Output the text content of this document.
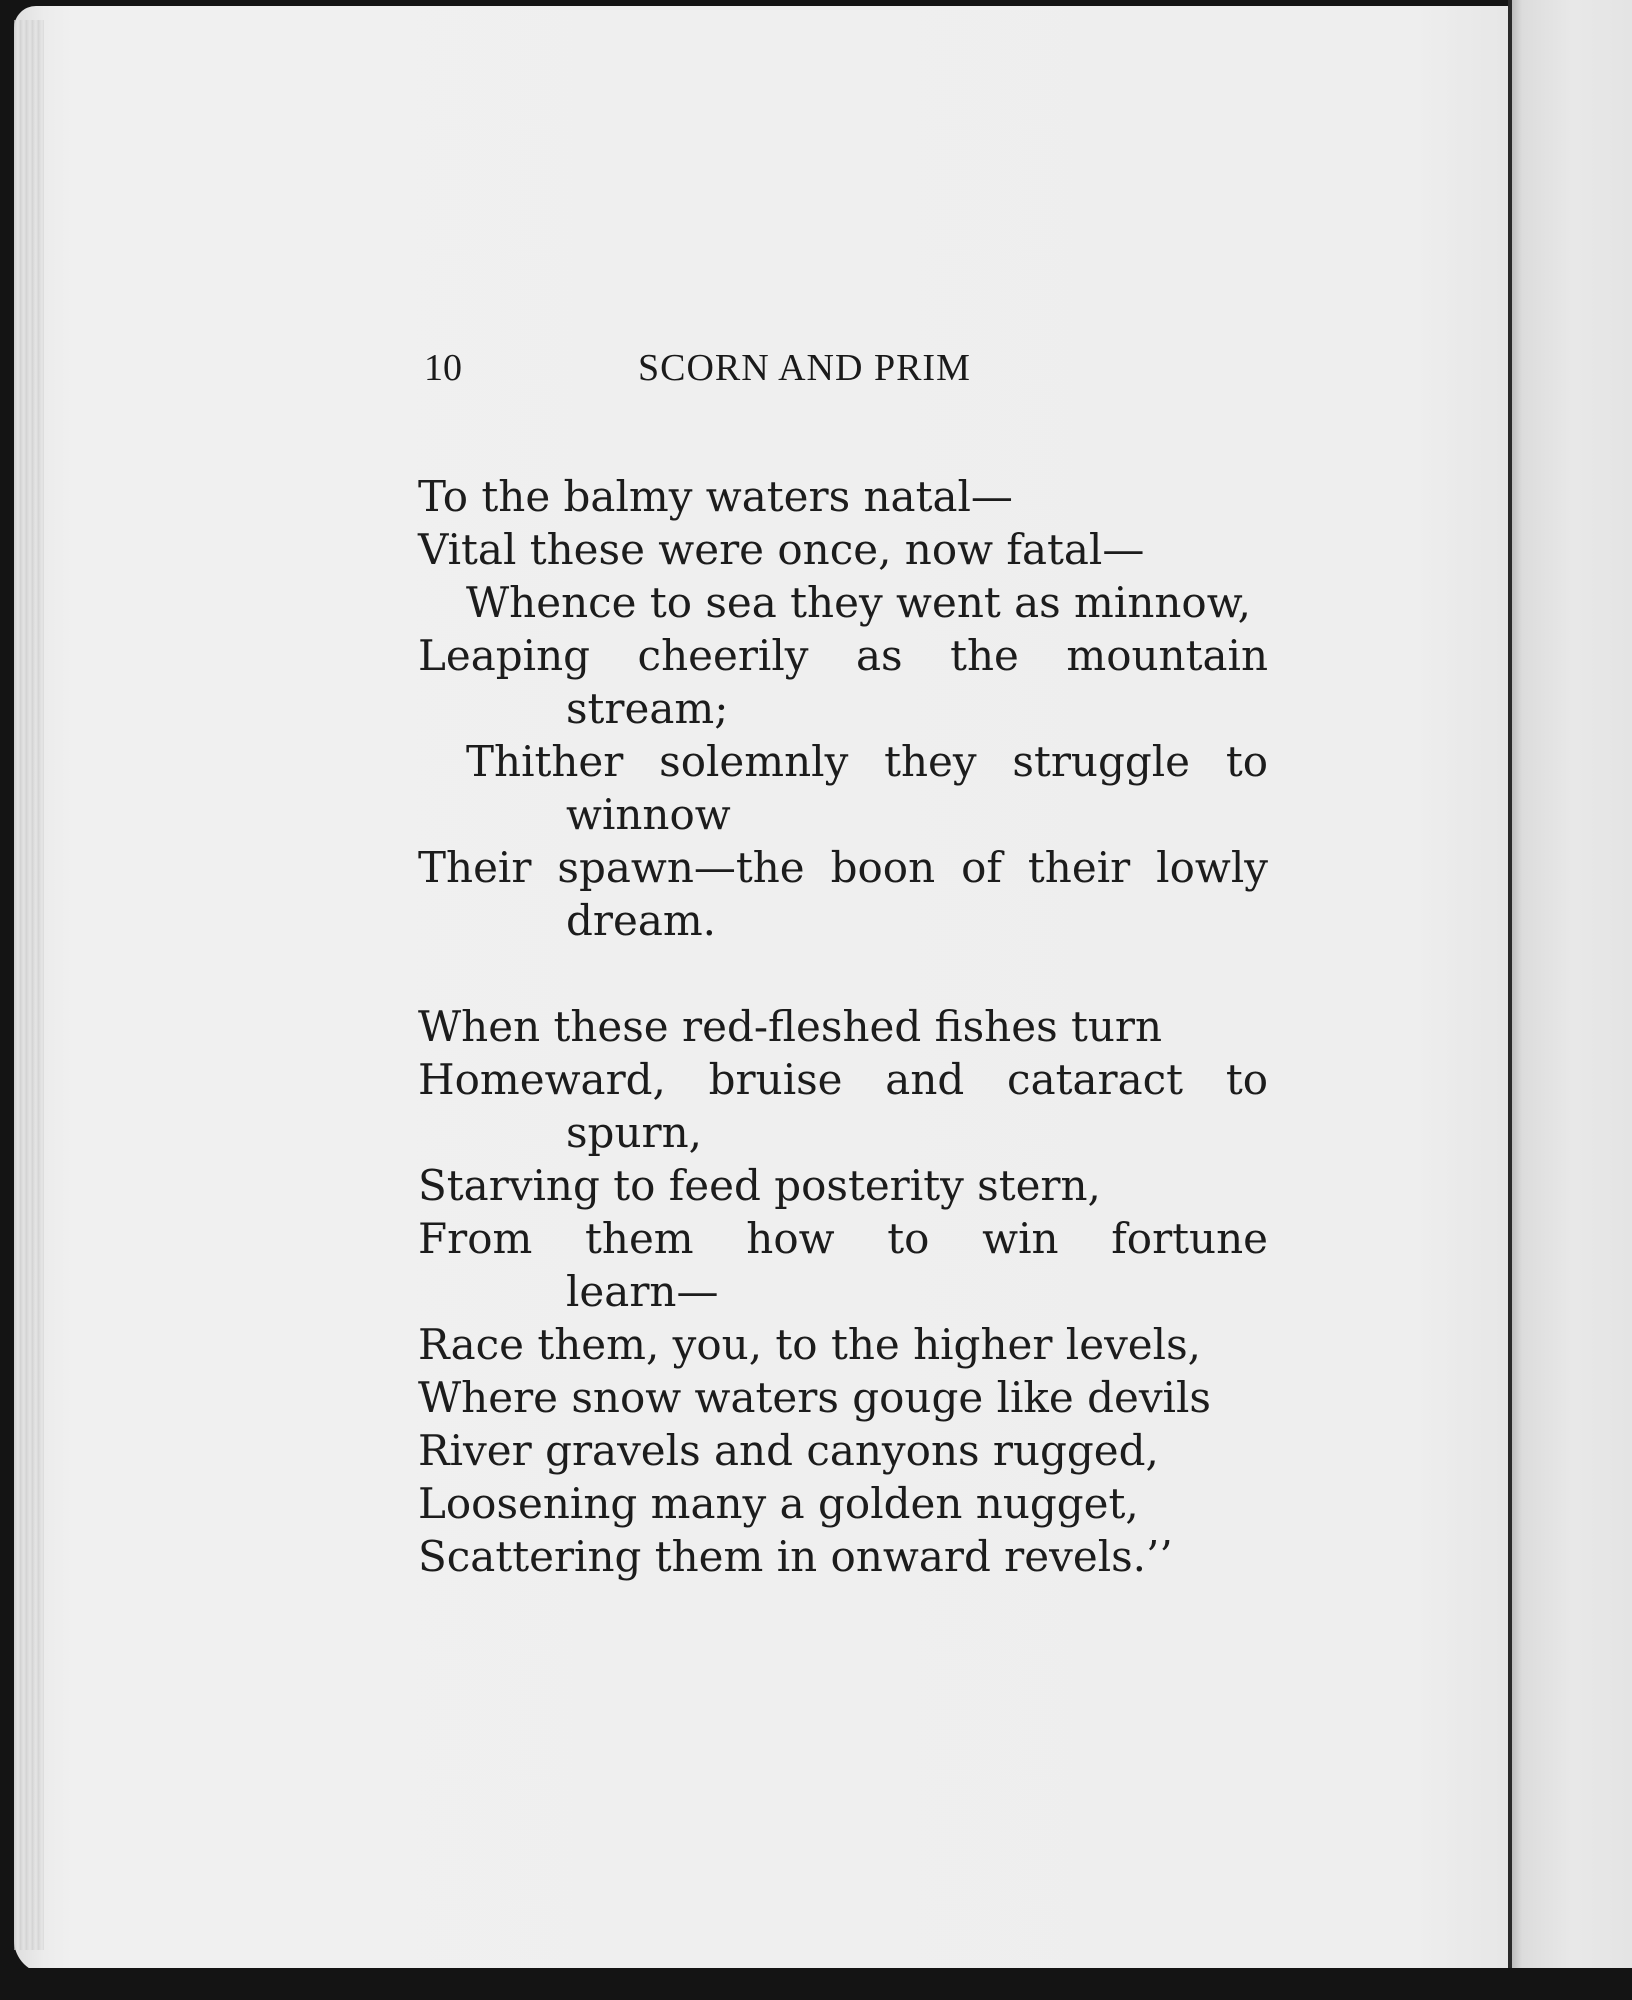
10	SCORN AND PRIM
To the balmy waters natal—
Vital these were once, now fatal—
Whence to sea they went as minnow,
Leaping cheerily as the mountain
stream;
Thither solemnly they struggle to
winnow
Their spawn—the boon of their lowly
dream.
When these red-fleshed fishes turn
Homeward, bruise and cataract to
spurn,
Starving to feed posterity stern,
From them how to win fortune
learn—
Race them, you, to the higher levels,
Where snow waters gouge like devils
River gravels and canyons rugged,
Loosening many a golden nugget,
Scattering them in onward revels.’’
